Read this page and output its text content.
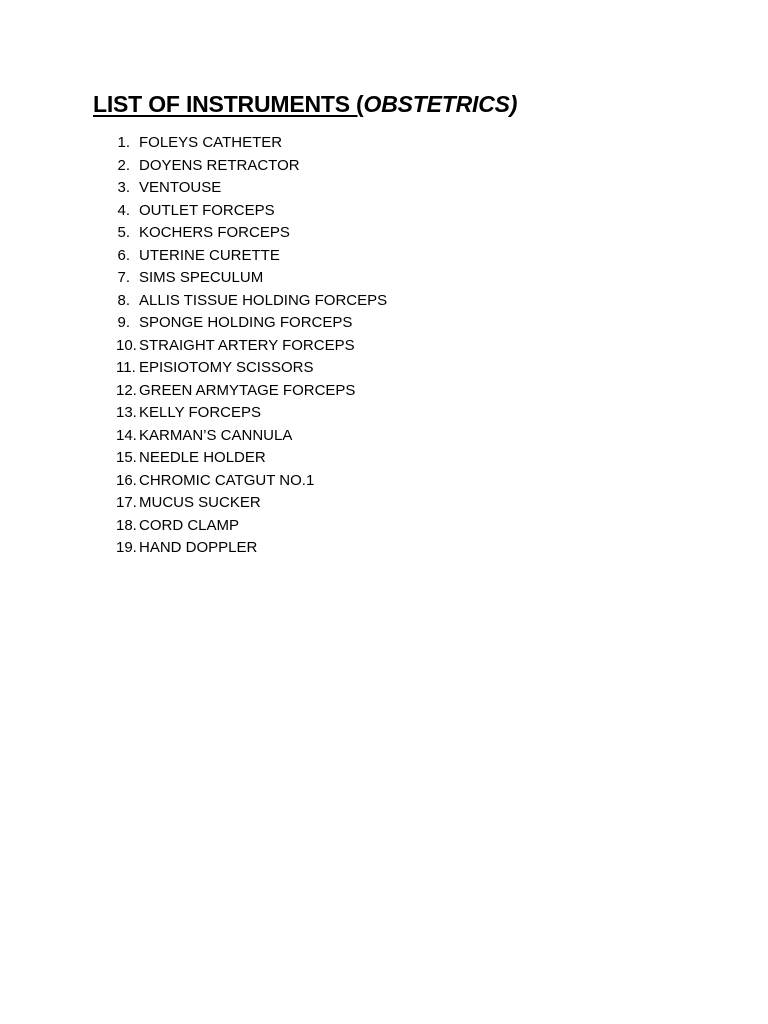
LIST OF INSTRUMENTS (OBSTETRICS)
1. FOLEYS CATHETER
2. DOYENS RETRACTOR
3. VENTOUSE
4. OUTLET FORCEPS
5. KOCHERS FORCEPS
6. UTERINE CURETTE
7. SIMS SPECULUM
8. ALLIS TISSUE HOLDING FORCEPS
9. SPONGE HOLDING FORCEPS
10. STRAIGHT ARTERY FORCEPS
11. EPISIOTOMY SCISSORS
12. GREEN ARMYTAGE FORCEPS
13. KELLY FORCEPS
14. KARMAN’S CANNULA
15. NEEDLE HOLDER
16. CHROMIC CATGUT NO.1
17. MUCUS SUCKER
18. CORD CLAMP
19. HAND DOPPLER
